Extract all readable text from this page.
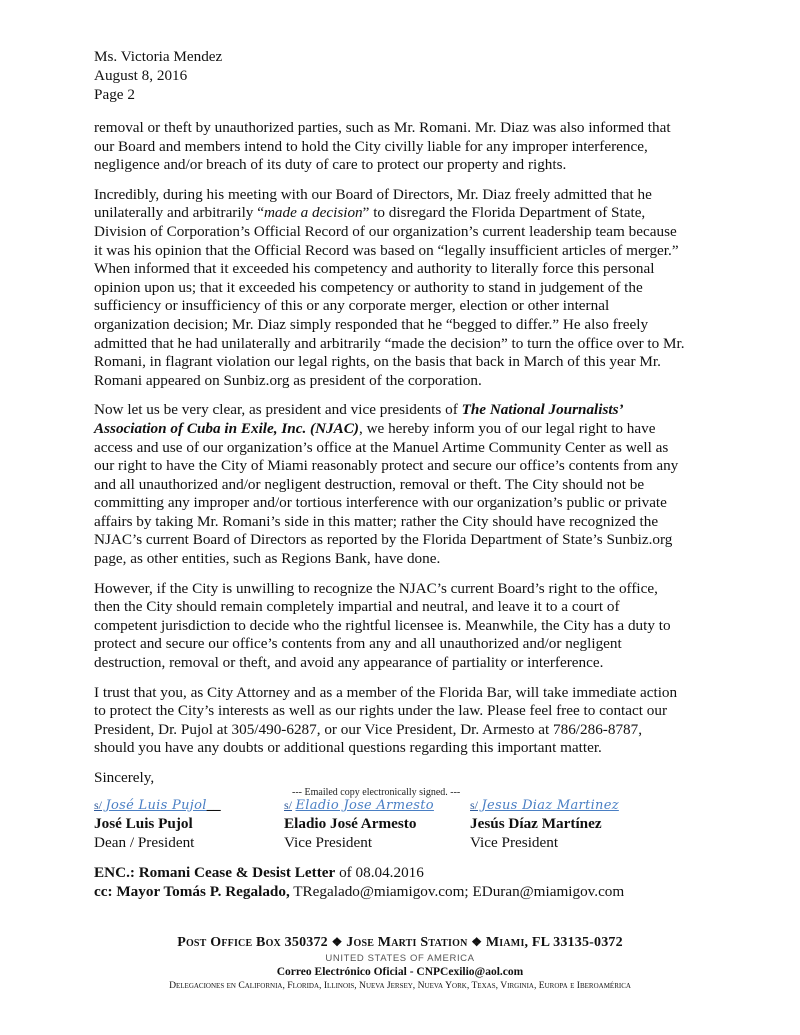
Ms. Victoria Mendez
August 8, 2016
Page 2

removal or theft by unauthorized parties, such as Mr. Romani. Mr. Diaz was also informed that
our Board and members intend to hold the City civilly liable for any improper interference,
negligence and/or breach of its duty of care to protect our property and rights.

Incredibly, during his meeting with our Board of Directors, Mr. Diaz freely admitted that he
unilaterally and arbitrarily “made a decision” to disregard the Florida Department of State,
Division of Corporation’s Official Record of our organization’s current leadership team because
it was his opinion that the Official Record was based on “legally insufficient articles of merger.”
When informed that it exceeded his competency and authority to literally force this personal
opinion upon us; that it exceeded his competency or authority to stand in judgement of the
sufficiency or insufficiency of this or any corporate merger, election or other internal
organization decision; Mr. Diaz simply responded that he “begged to differ.” He also freely
admitted that he had unilaterally and arbitrarily “made the decision” to turn the office over to Mr.
Romani, in flagrant violation our legal rights, on the basis that back in March of this year Mr.
Romani appeared on Sunbiz.org as president of the corporation.

Now let us be very clear, as president and vice presidents of The National Journalists’
Association of Cuba in Exile, Inc. (NJAC), we hereby inform you of our legal right to have
access and use of our organization’s office at the Manuel Artime Community Center as well as
our right to have the City of Miami reasonably protect and secure our office’s contents from any
and all unauthorized and/or negligent destruction, removal or theft. The City should not be
committing any improper and/or tortious interference with our organization’s public or private
affairs by taking Mr. Romani’s side in this matter; rather the City should have recognized the
NJAC’s current Board of Directors as reported by the Florida Department of State’s Sunbiz.org
page, as other entities, such as Regions Bank, have done.

However, if the City is unwilling to recognize the NJAC’s current Board’s right to the office,
then the City should remain completely impartial and neutral, and leave it to a court of
competent jurisdiction to decide who the rightful licensee is. Meanwhile, the City has a duty to
protect and secure our office’s contents from any and all unauthorized and/or negligent
destruction, removal or theft, and avoid any appearance of partiality or interference.

I trust that you, as City Attorney and as a member of the Florida Bar, will take immediate action
to protect the City’s interests as well as our rights under the law. Please feel free to contact our
President, Dr. Pujol at 305/490-6287, or our Vice President, Dr. Armesto at 786/286-8787,
should you have any doubts or additional questions regarding this important matter.

Sincerely,

--- Emailed copy electronically signed. ---
s/ José Luis Pujol__
José Luis Pujol
Dean / President
s/ Eladio Jose Armesto
Eladio José Armesto
Vice President
s/ Jesus Diaz Martinez
Jesús Díaz Martínez
Vice President
ENC.: Romani Cease & Desist Letter of 08.04.2016
cc: Mayor Tomás P. Regalado, TRegalado@miamigov.com; EDuran@miamigov.com
Post Office Box 350372 ❖ Jose Marti Station ❖ Miami, FL 33135-0372
UNITED STATES OF AMERICA
Correo Electrónico Oficial - CNPCexilio@aol.com
Delegaciones en California, Florida, Illinois, Nueva Jersey, Nueva York, Texas, Virginia, Europa e Iberoamérica
